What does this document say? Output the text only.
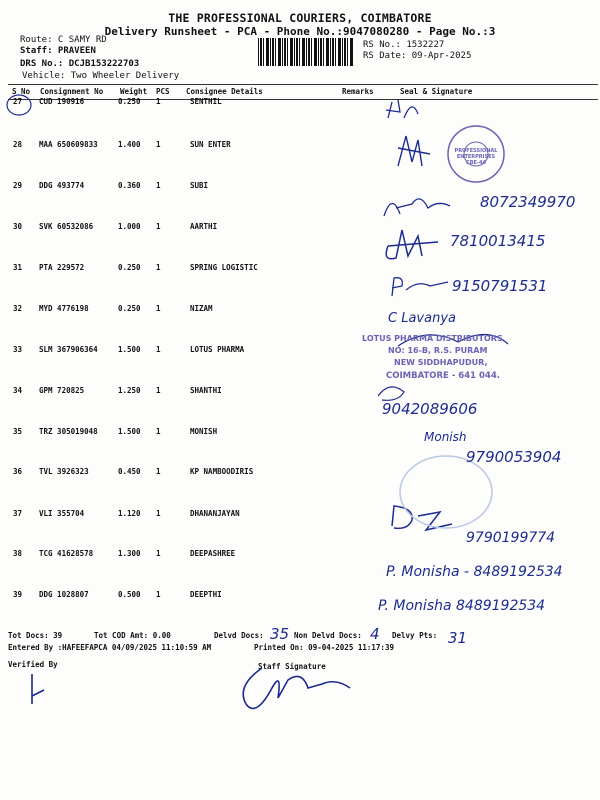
THE PROFESSIONAL COURIERS, COIMBATORE
Delivery Runsheet - PCA - Phone No.:9047080280 - Page No.:3
Route: C SAMY RD
Staff: PRAVEEN
DRS No.: DCJB153222703
Vehicle: Two Wheeler Delivery
RS No.: 1532227
RS Date: 09-Apr-2025
S No Consignment No Weight PCS Consignee Details	Remarks	Seal & Signature
27 CUD 190916	0.250 1	SENTHIL
28 MAA 650609833	1.400 1	SUN ENTER
29 DDG 493774	0.360 1	SUBI
30 SVK 60532086	1.000 1	AARTHI
31 PTA 229572	0.250 1	SPRING LOGISTIC
32 MYD 4776198	0.250 1	NIZAM
33 SLM 367906364	1.500 1	LOTUS PHARMA
34 GPM 720825	1.250 1	SHANTHI
35 TRZ 305019048	1.500 1	MONISH
36 TVL 3926323	0.450 1	KP NAMBOODIRIS
37 VLI 355704	1.120 1	DHANANJAYAN
38 TCG 41628578	1.300 1	DEEPASHREE
39 DDG 1028807	0.500 1	DEEPTHI
PROFESSIONAL ENTERPRISES CBE-44
LOTUS PHARMA DISTRIBUTORS
NO: 16-B, R.S. PURAM
NEW SIDDHAPUDUR,
COIMBATORE - 641 044.
8072349970
7810013415
9150791531
C Lavanya
9042089606
Monish
9790053904
9790199774
P. Monisha - 8489192534
P. Monisha 8489192534
Tot Docs: 39	Tot COD Amt: 0.00	Delvd Docs: 35 Non Delvd Docs: 4 Delvy Pts: 31
Entered By :HAFEEFAPCA 04/09/2025 11:10:59 AM	Printed On: 09-04-2025 11:17:39
Verified By	Staff Signature
